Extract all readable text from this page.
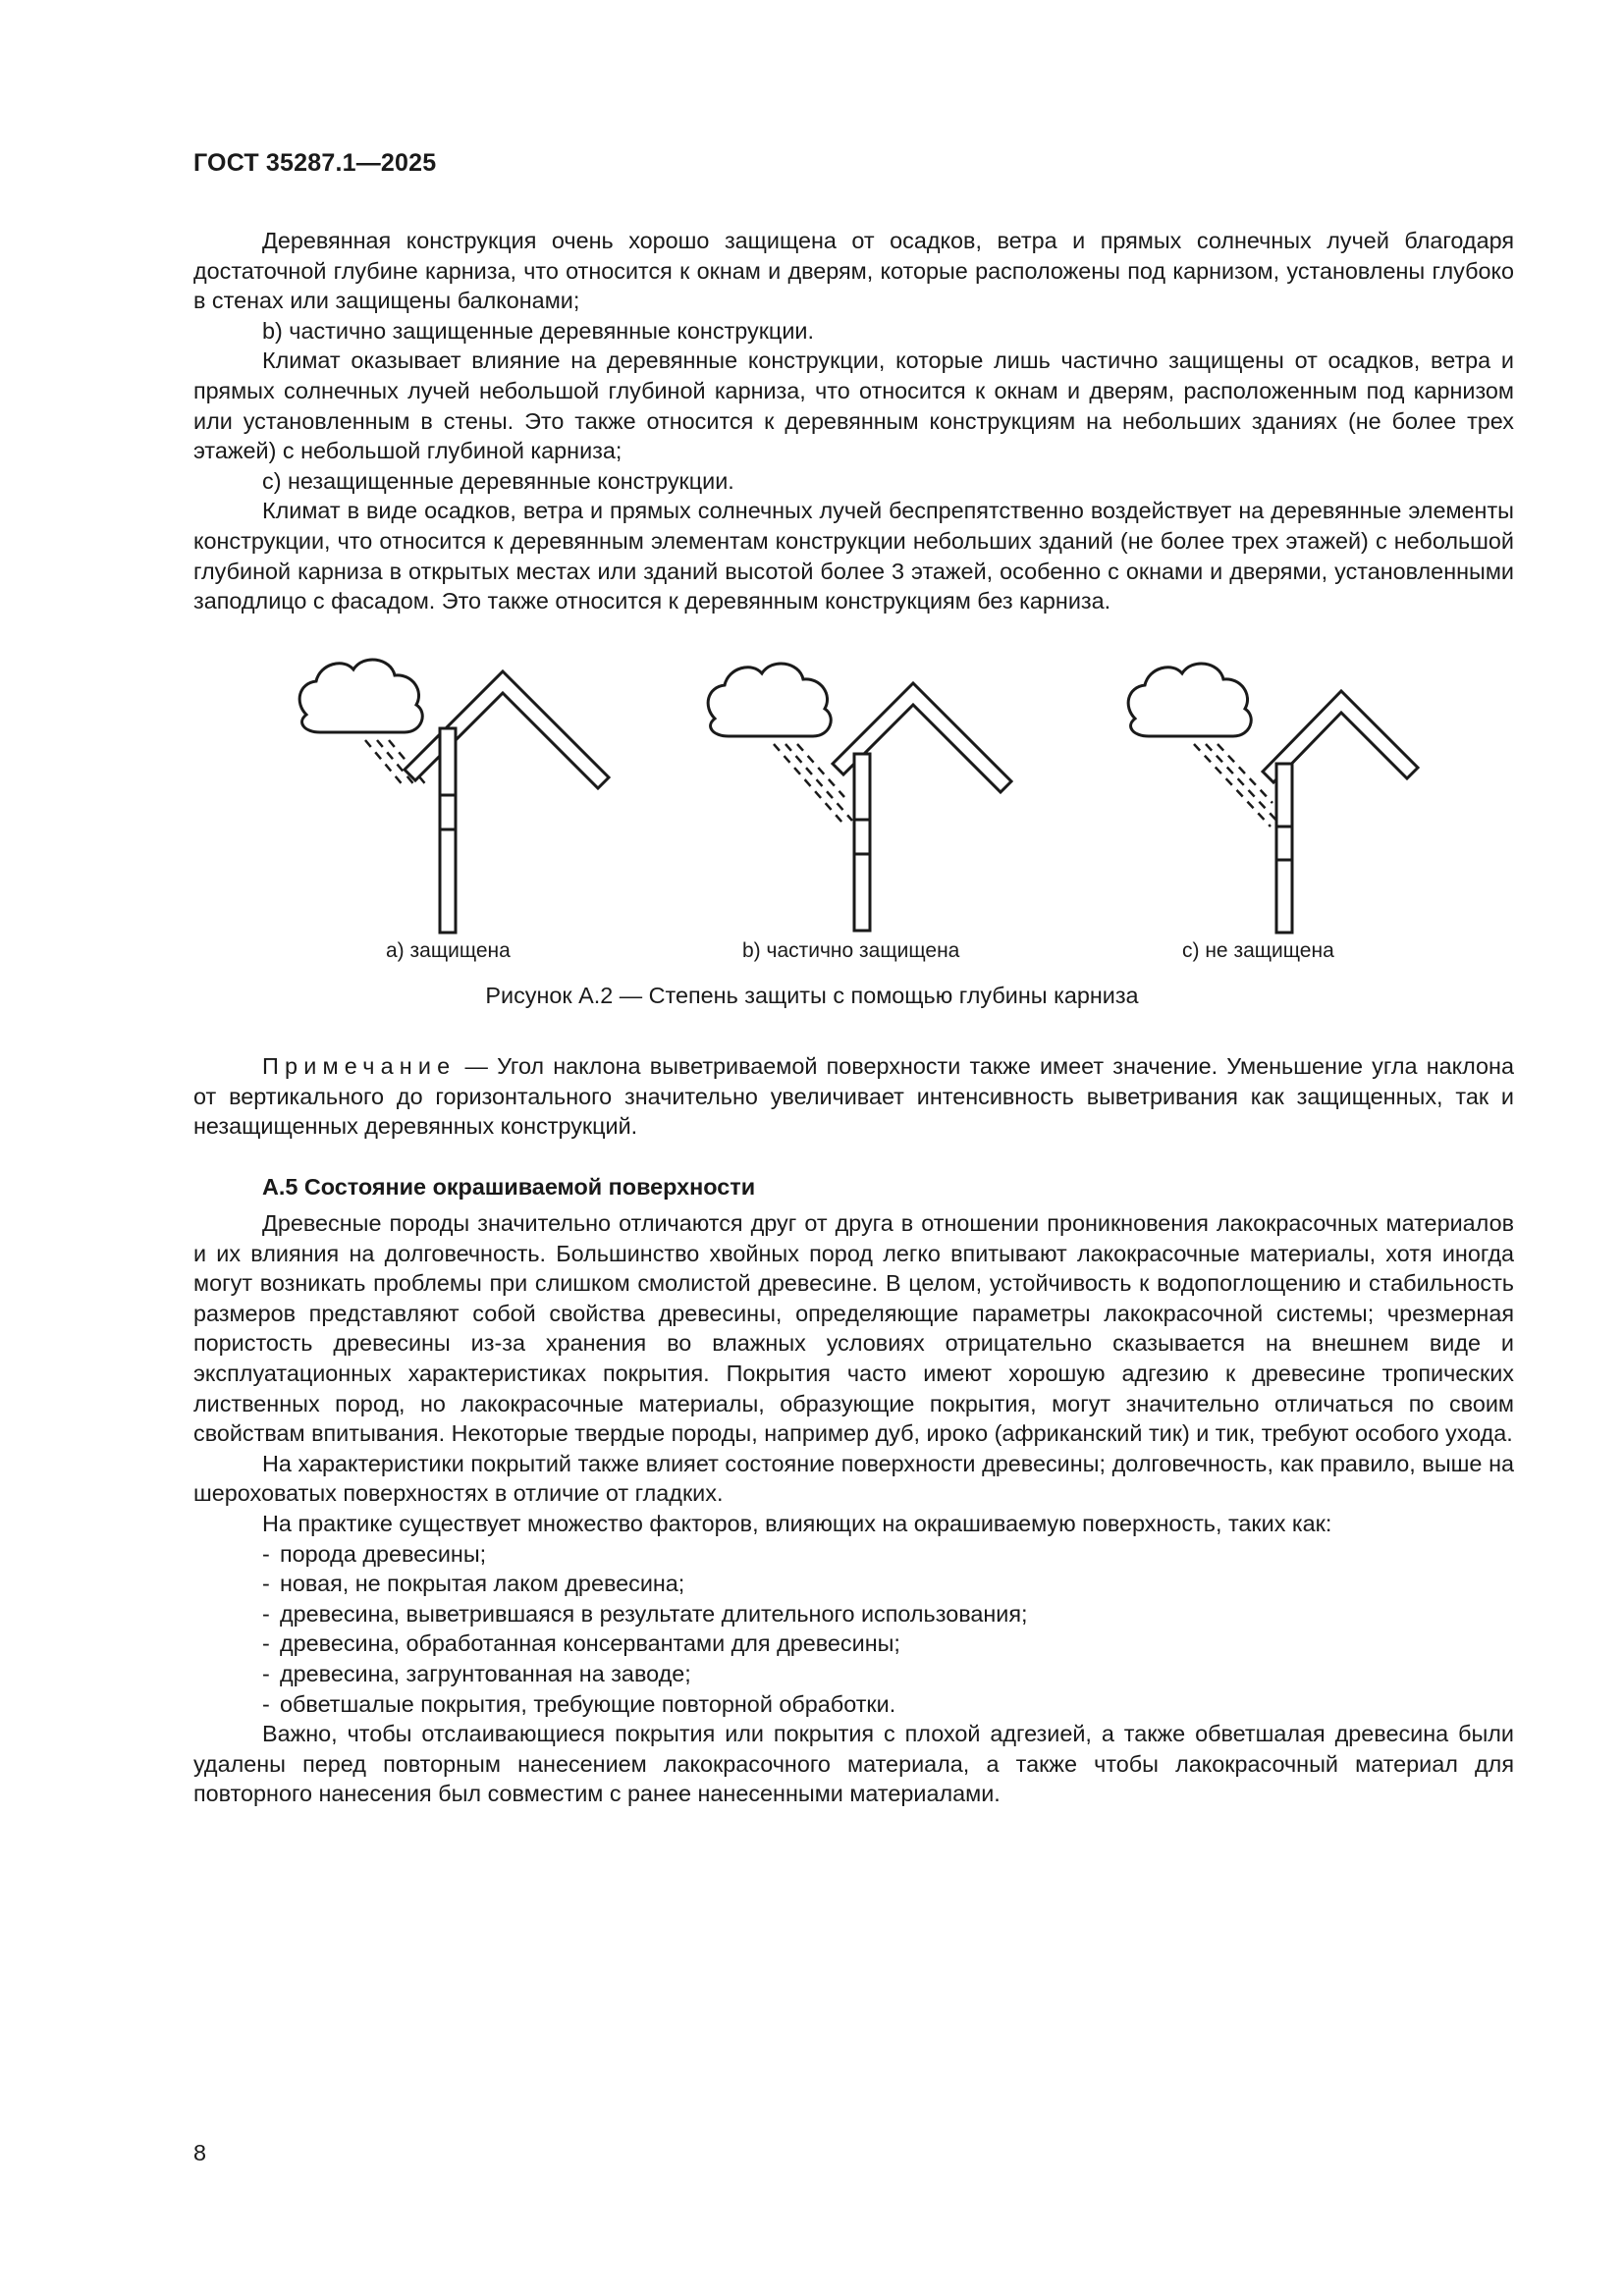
ГОСТ 35287.1—2025

Деревянная конструкция очень хорошо защищена от осадков, ветра и прямых солнечных лучей благодаря достаточной глубине карниза, что относится к окнам и дверям, которые расположены под карнизом, установлены глубоко в стенах или защищены балконами;

b) частично защищенные деревянные конструкции.

Климат оказывает влияние на деревянные конструкции, которые лишь частично защищены от осадков, ветра и прямых солнечных лучей небольшой глубиной карниза, что относится к окнам и дверям, расположенным под карнизом или установленным в стены. Это также относится к деревянным конструкциям на небольших зданиях (не более трех этажей) с небольшой глубиной карниза;

c) незащищенные деревянные конструкции.

Климат в виде осадков, ветра и прямых солнечных лучей беспрепятственно воздействует на деревянные элементы конструкции, что относится к деревянным элементам конструкции небольших зданий (не более трех этажей) с небольшой глубиной карниза в открытых местах или зданий высотой более 3 этажей, особенно с окнами и дверями, установленными заподлицо с фасадом. Это также относится к деревянным конструкциям без карниза.

a) защищена	b) частично защищена	c) не защищена
Рисунок А.2 — Степень защиты с помощью глубины карниза

Примечание — Угол наклона выветриваемой поверхности также имеет значение. Уменьшение угла наклона от вертикального до горизонтального значительно увеличивает интенсивность выветривания как защищенных, так и незащищенных деревянных конструкций.

А.5 Состояние окрашиваемой поверхности

Древесные породы значительно отличаются друг от друга в отношении проникновения лакокрасочных материалов и их влияния на долговечность. Большинство хвойных пород легко впитывают лакокрасочные материалы, хотя иногда могут возникать проблемы при слишком смолистой древесине. В целом, устойчивость к водопоглощению и стабильность размеров представляют собой свойства древесины, определяющие параметры лакокрасочной системы; чрезмерная пористость древесины из-за хранения во влажных условиях отрицательно сказывается на внешнем виде и эксплуатационных характеристиках покрытия. Покрытия часто имеют хорошую адгезию к древесине тропических лиственных пород, но лакокрасочные материалы, образующие покрытия, могут значительно отличаться по своим свойствам впитывания. Некоторые твердые породы, например дуб, ироко (африканский тик) и тик, требуют особого ухода.

На характеристики покрытий также влияет состояние поверхности древесины; долговечность, как правило, выше на шероховатых поверхностях в отличие от гладких.

На практике существует множество факторов, влияющих на окрашиваемую поверхность, таких как:

- порода древесины;
- новая, не покрытая лаком древесина;
- древесина, выветрившаяся в результате длительного использования;
- древесина, обработанная консервантами для древесины;
- древесина, загрунтованная на заводе;
- обветшалые покрытия, требующие повторной обработки.

Важно, чтобы отслаивающиеся покрытия или покрытия с плохой адгезией, а также обветшалая древесина были удалены перед повторным нанесением лакокрасочного материала, а также чтобы лакокрасочный материал для повторного нанесения был совместим с ранее нанесенными материалами.

8
